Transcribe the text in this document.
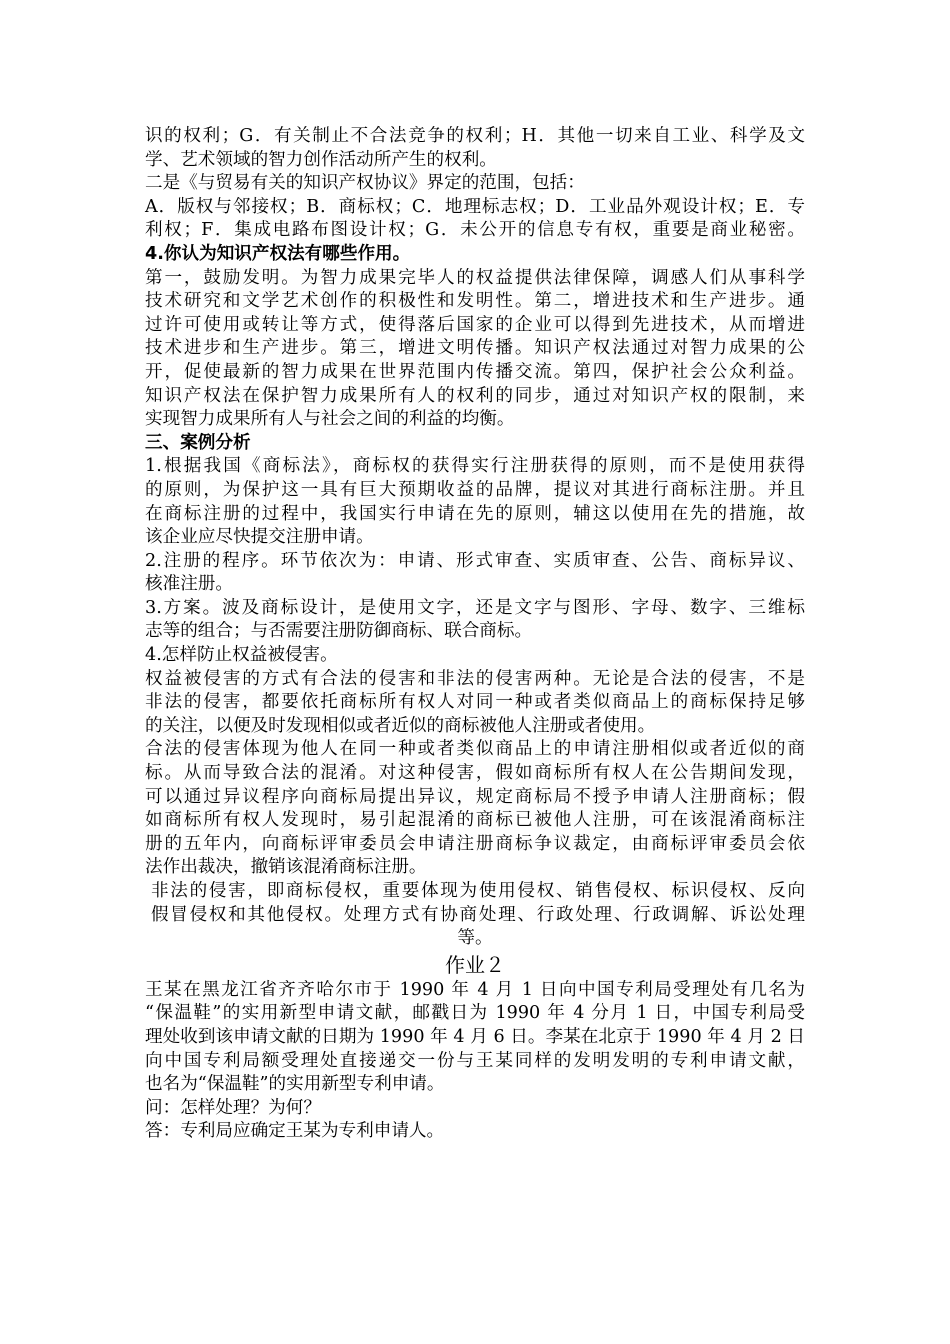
识的权利；G．有关制止不合法竞争的权利；H．其他一切来自工业、科学及文
学、艺术领域的智力创作活动所产生的权利。
二是《与贸易有关的知识产权协议》界定的范围，包括：
A．版权与邻接权；B．商标权；C．地理标志权；D．工业品外观设计权；E．专
利权；F．集成电路布图设计权；G．未公开的信息专有权，重要是商业秘密。
4.你认为知识产权法有哪些作用。
第一，鼓励发明。为智力成果完毕人的权益提供法律保障，调感人们从事科学
技术研究和文学艺术创作的积极性和发明性。第二，增进技术和生产进步。通
过许可使用或转让等方式，使得落后国家的企业可以得到先进技术，从而增进
技术进步和生产进步。第三，增进文明传播。知识产权法通过对智力成果的公
开，促使最新的智力成果在世界范围内传播交流。第四，保护社会公众利益。
知识产权法在保护智力成果所有人的权利的同步，通过对知识产权的限制，来
实现智力成果所有人与社会之间的利益的均衡。
三、案例分析
1.根据我国《商标法》，商标权的获得实行注册获得的原则，而不是使用获得
的原则，为保护这一具有巨大预期收益的品牌，提议对其进行商标注册。并且
在商标注册的过程中，我国实行申请在先的原则，辅这以使用在先的措施，故
该企业应尽快提交注册申请。
2.注册的程序。环节依次为：申请、形式审查、实质审查、公告、商标异议、
核准注册。
3.方案。波及商标设计，是使用文字，还是文字与图形、字母、数字、三维标
志等的组合；与否需要注册防御商标、联合商标。
4.怎样防止权益被侵害。
权益被侵害的方式有合法的侵害和非法的侵害两种。无论是合法的侵害，不是
非法的侵害，都要依托商标所有权人对同一种或者类似商品上的商标保持足够
的关注，以便及时发现相似或者近似的商标被他人注册或者使用。
合法的侵害体现为他人在同一种或者类似商品上的申请注册相似或者近似的商
标。从而导致合法的混淆。对这种侵害，假如商标所有权人在公告期间发现，
可以通过异议程序向商标局提出异议，规定商标局不授予申请人注册商标；假
如商标所有权人发现时，易引起混淆的商标已被他人注册，可在该混淆商标注
册的五年内，向商标评审委员会申请注册商标争议裁定，由商标评审委员会依
法作出裁决，撤销该混淆商标注册。
非法的侵害，即商标侵权，重要体现为使用侵权、销售侵权、标识侵权、反向
假冒侵权和其他侵权。处理方式有协商处理、行政处理、行政调解、诉讼处理
等。
作业２
王某在黑龙江省齐齐哈尔市于 1990 年 4 月 1 日向中国专利局受理处有几名为
“保温鞋”的实用新型申请文献，邮戳日为 1990 年 4 分月 1 日，中国专利局受
理处收到该申请文献的日期为 1990 年 4 月 6 日。李某在北京于 1990 年 4 月 2 日
向中国专利局额受理处直接递交一份与王某同样的发明发明的专利申请文献，
也名为“保温鞋”的实用新型专利申请。
问：怎样处理？为何？
答：专利局应确定王某为专利申请人。
